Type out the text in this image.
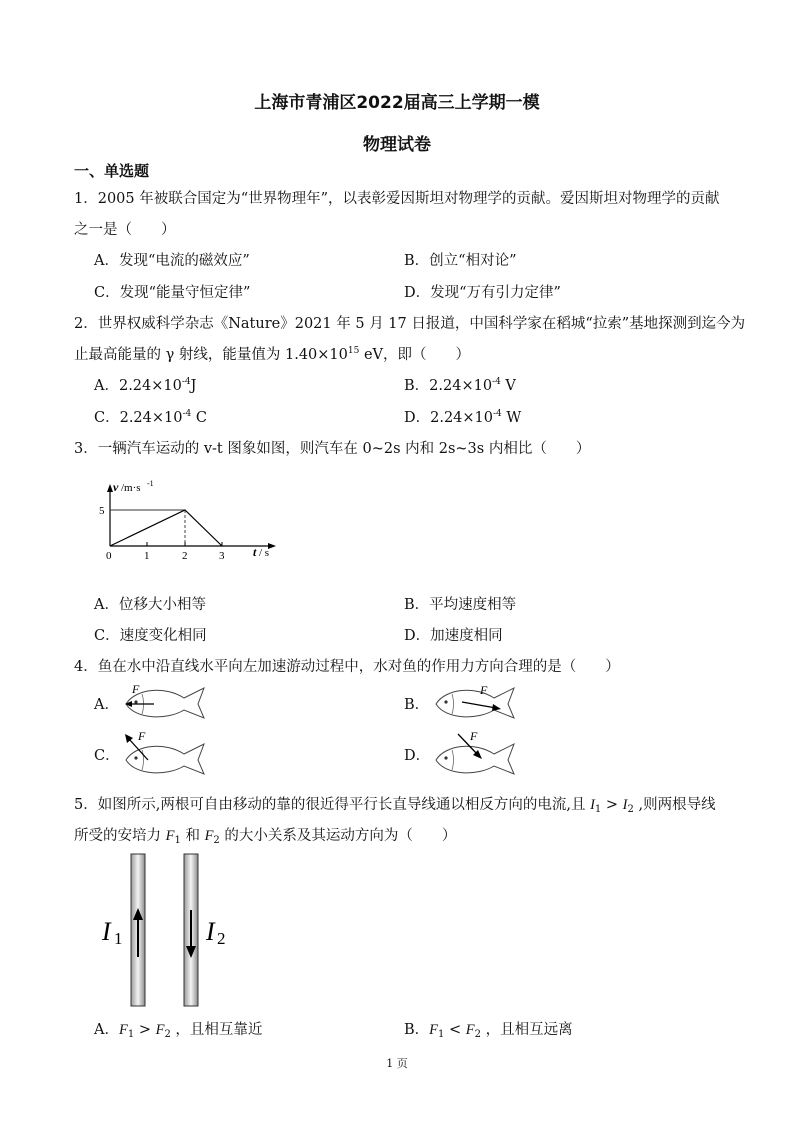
上海市青浦区2022届高三上学期一模
物理试卷
一、单选题
1．2005 年被联合国定为“世界物理年”，以表彰爱因斯坦对物理学的贡献。爱因斯坦对物理学的贡献
之一是（　　）
A．发现“电流的磁效应”	B．创立“相对论”
C．发现“能量守恒定律”	D．发现“万有引力定律”
2．世界权威科学杂志《Nature》2021 年 5 月 17 日报道，中国科学家在稻城“拉索”基地探测到迄今为
止最高能量的 γ 射线，能量值为 $1.40\times 10^{15}$ eV，即（　　）
A．$2.24\times 10^{-4}J$	B．$2.24\times 10^{-4}$ V
C．$2.24\times 10^{-4}$ C	D．$2.24\times 10^{-4}$ W
3．一辆汽车运动的 v-t 图象如图，则汽车在 0~2s 内和 2s~3s 内相比（　　）
v /m·s -1
5
0	1	2	3 t / s
A．位移大小相等	B．平均速度相等
C．速度变化相同	D．加速度相同
4．鱼在水中沿直线水平向左加速游动过程中，水对鱼的作用力方向合理的是（　　）
A．	B．
C．	D．
F	F
F	F
5．如图所示,两根可自由移动的靠的很近得平行长直导线通以相反方向的电流,且 $I_1 > I_2$ ,则两根导线
所受的安培力 $F_1$ 和 $F_2$ 的大小关系及其运动方向为（　　）
I 1	I 2
A．$F_1 > F_2$ ，且相互靠近	B．$F_1 < F_2$ ，且相互远离
1 页
